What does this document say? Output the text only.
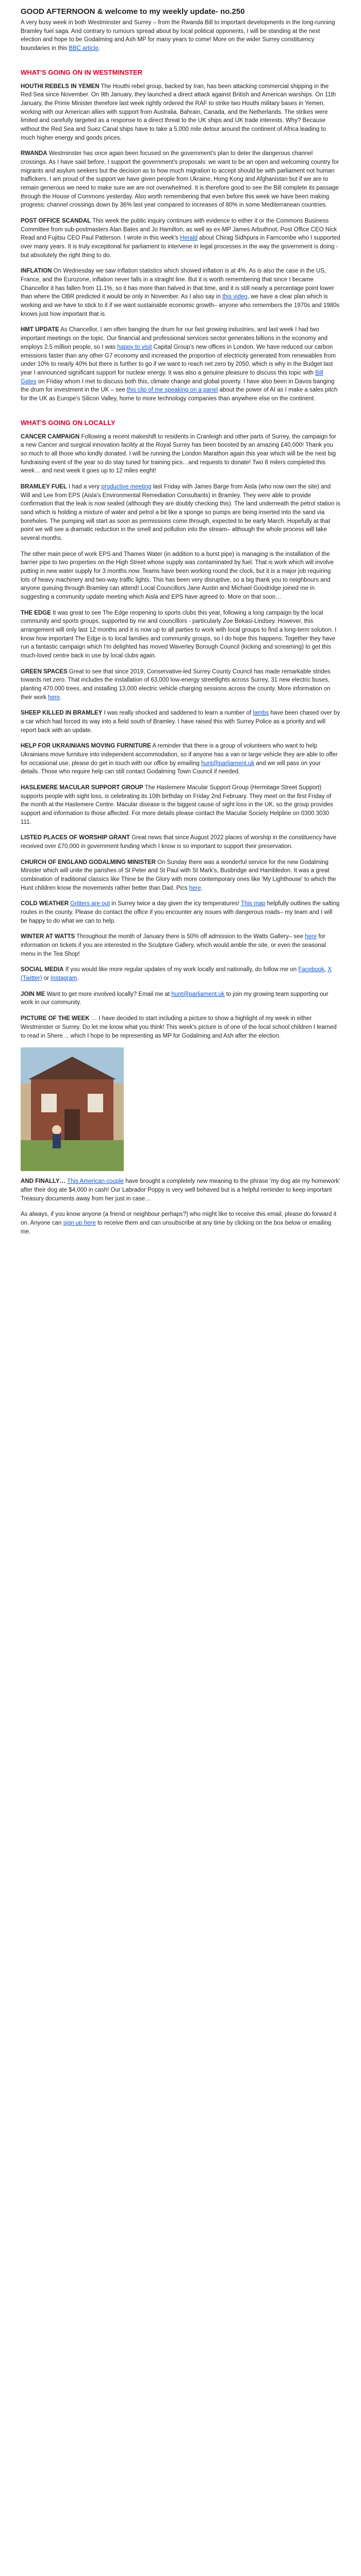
GOOD AFTERNOON & welcome to my weekly update- no.250

A very busy week in both Westminster and Surrey – from the Rwanda Bill to important developments in the long-running Bramley fuel saga. And contrary to rumours spread about by local political opponents, I will be standing at the next election and hope to be Godalming and Ash MP for many years to come! More on the wider Surrey constituency boundaries in this BBC article.

WHAT'S GOING ON IN WESTMINSTER

HOUTHI REBELS IN YEMEN The Houthi rebel group, backed by Iran, has been attacking commercial shipping in the Red Sea since November. On 9th January, they launched a direct attack against British and American warships. On 11th January, the Prime Minister therefore last week rightly ordered the RAF to strike two Houthi military bases in Yemen, working with our American allies with support from Australia, Bahrain, Canada, and the Netherlands. The strikes were limited and carefully targeted as a response to a direct threat to the UK ships and UK trade interests. Why? Because without the Red Sea and Suez Canal ships have to take a 5,000 mile detour around the continent of Africa leading to much higher energy and goods prices.

RWANDA Westminster has once again been focused on the government's plan to deter the dangerous channel crossings. As I have said before, I support the government's proposals: we want to be an open and welcoming country for migrants and asylum seekers but the decision as to how much migration to accept should be with parliament not human traffickers. I am proud of the support we have given people from Ukraine, Hong Kong and Afghanistan but if we are to remain generous we need to make sure we are not overwhelmed. It is therefore good to see the Bill complete its passage through the House of Commons yesterday. Also worth remembering that even before this week we have been making progress: channel crossings down by 36% last year compared to increases of 80% in some Mediterranean countries.

POST OFFICE SCANDAL This week the public inquiry continues with evidence to either it or the Commons Business Committee from sub-postmasters Alan Bates and Jo Hamilton, as well as ex-MP James Arbuthnot, Post Office CEO Nick Read and Fujitsu CEO Paul Patterson. I wrote in this week's Herald about Chirag Sidhpura in Farncombe who I supported over many years. It is truly exceptional for parliament to intervene in legal processes in the way the government is doing - but absolutely the right thing to do.

INFLATION On Wednesday we saw inflation statistics which showed inflation is at 4%. As is also the case in the US, France, and the Eurozone, inflation never falls in a straight line. But it is worth remembering that since I became Chancellor it has fallen from 11.1%, so it has more than halved in that time, and it is still nearly a percentage point lower than where the OBR predicted it would be only in November. As I also say in this video, we have a clear plan which is working and we have to stick to it if we want sustainable economic growth– anyone who remembers the 1970s and 1980s knows just how important that is.

HMT UPDATE As Chancellor, I am often banging the drum for our fast growing industries, and last week I had two important meetings on the topic. Our financial and professional services sector generates billions in the economy and employs 2.5 million people, so I was happy to visit Capital Group's new offices in London. We have reduced our carbon emissions faster than any other G7 economy and increased the proportion of electricity generated from renewables from under 10% to nearly 40% but there is further to go if we want to reach net zero by 2050, which is why in the Budget last year I announced significant support for nuclear energy. It was also a genuine pleasure to discuss this topic with Bill Gates on Friday whom I met to discuss both this, climate change and global poverty. I have also been in Davos banging the drum for investment in the UK – see this clip of me speaking on a panel about the power of AI as I make a sales pitch for the UK as Europe's Silicon Valley, home to more technology companies than anywhere else on the continent.

WHAT'S GOING ON LOCALLY

CANCER CAMPAIGN Following a recent makeshift to residents in Cranleigh and other parts of Surrey, the campaign for a new Cancer and surgical innovation facility at the Royal Surrey has been boosted by an amazing £40,000! Thank you so much to all those who kindly donated. I will be running the London Marathon again this year which will be the next big fundraising event of the year so do stay tuned for training pics…and requests to donate! Two 8 milers completed this week… and next week it goes up to 12 miles eeght!

BRAMLEY FUEL I had a very productive meeting last Friday with James Barge from Aisla (who now own the site) and Will and Lee from EPS (Aisla's Environmental Remediation Consultants) in Bramley. They were able to provide confirmation that the leak is now sealed (although they are doubly checking this). The land underneath the petrol station is sand which is holding a mixture of water and petrol a bit like a sponge so pumps are being inserted into the sand via boreholes. The pumping will start as soon as permissions come through, expected to be early March. Hopefully at that point we will see a dramatic reduction in the smell and pollution into the stream– although the whole process will take several months.

The other main piece of work EPS and Thames Water (in addition to a burst pipe) is managing is the installation of the barrier pipe to two properties on the High Street whose supply was contaminated by fuel. That is work which will involve putting in new water supply for 3 months now. Teams have been working round the clock, but it is a major job requiring lots of heavy machinery and two-way traffic lights. This has been very disruptive, so a big thank you to neighbours and anyone queuing through Bramley can attend! Local Councillors Jane Austin and Michael Goodridge joined me in suggesting a community update meeting which Aisla and EPS have agreed to. More on that soon…

THE EDGE It was great to see The Edge reopening to sports clubs this year, following a long campaign by the local community and sports groups, supported by me and councillors - particularly Zoe Bekasi-Lindsey. However, this arrangement will only last 12 months and it is now up to all parties to work with local groups to find a long-term solution. I know how important The Edge is to local families and community groups, so I do hope this happens. Together they have run a fantastic campaign which I'm delighted has moved Waverley Borough Council (kicking and screaming) to get this much-loved centre back in use by local clubs again.

GREEN SPACES Great to see that since 2019, Conservative-led Surrey County Council has made remarkable strides towards net zero. That includes the installation of 63,000 low-energy streetlights across Surrey, 31 new electric buses, planting 470,000 trees, and installing 13,000 electric vehicle charging sessions across the county. More information on their work here.

SHEEP KILLED IN BRAMLEY I was really shocked and saddened to learn a number of lambs have been chased over by a car which had forced its way into a field south of Bramley. I have raised this with Surrey Police as a priority and will report back with an update.

HELP FOR UKRAINIANS MOVING FURNITURE A reminder that there is a group of volunteers who want to help Ukrainians move furniture into independent accommodation, so if anyone has a van or large vehicle they are able to offer for occasional use, please do get in touch with our office by emailing hunt@parliament.uk and we will pass on your details. Those who require help can still contact Godalming Town Council if needed.

HASLEMERE MACULAR SUPPORT GROUP The Haslemere Macular Support Group (Hermitage Street Support) supports people with sight loss, is celebrating its 10th birthday on Friday 2nd February. They meet on the first Friday of the month at the Haslemere Centre. Macular disease is the biggest cause of sight loss in the UK, so the group provides support and information to those affected. For more details please contact the Macular Society Helpline on 0300 3030 111.

LISTED PLACES OF WORSHIP GRANT Great news that since August 2022 places of worship in the constituency have received over £70,000 in government funding which I know is so important to support their preservation.

CHURCH OF ENGLAND GODALMING MINISTER On Sunday there was a wonderful service for the new Godalming Minister which will unite the parishes of St Peter and St Paul with St Mark's, Busbridge and Hambledon. It was a great combination of traditional classics like Thine be the Glory with more contemporary ones like 'My Lighthouse' to which the Hunt children know the movements rather better than Dad. Pics here.

COLD WEATHER Gritters are out in Surrey twice a day given the icy temperatures! This map helpfully outlines the salting routes in the county. Please do contact the office if you encounter any issues with dangerous roads– my team and I will be happy to do what we can to help.

WINTER AT WATTS Throughout the month of January there is 50% off admission to the Watts Gallery– see here for information on tickets if you are interested in the Sculpture Gallery, which would amble the site, or even the seasonal menu in the Tea Shop!

SOCIAL MEDIA If you would like more regular updates of my work locally and nationally, do follow me on Facebook, X (Twitter) or Instagram.

JOIN ME Want to get more involved locally? Email me at hunt@parliament.uk to join my growing team supporting our work in our community.

PICTURE OF THE WEEK … I have decided to start including a picture to show a highlight of my week in either Westminster or Surrey. Do let me know what you think! This week's picture is of one of the local school children I learned to read in Shere… which I hope to be representing as MP for Godalming and Ash after the election.

AND FINALLY… This American couple have brought a completely new meaning to the phrase 'my dog ate my homework' after their dog ate $4,000 in cash! Our Labrador Poppy is very well behaved but is a helpful reminder to keep important Treasury documents away from her just in case…

As always, if you know anyone (a friend or neighbour perhaps?) who might like to receive this email, please do forward it on. Anyone can sign up here to receive them and can unsubscribe at any time by clicking on the box below or emailing me.
